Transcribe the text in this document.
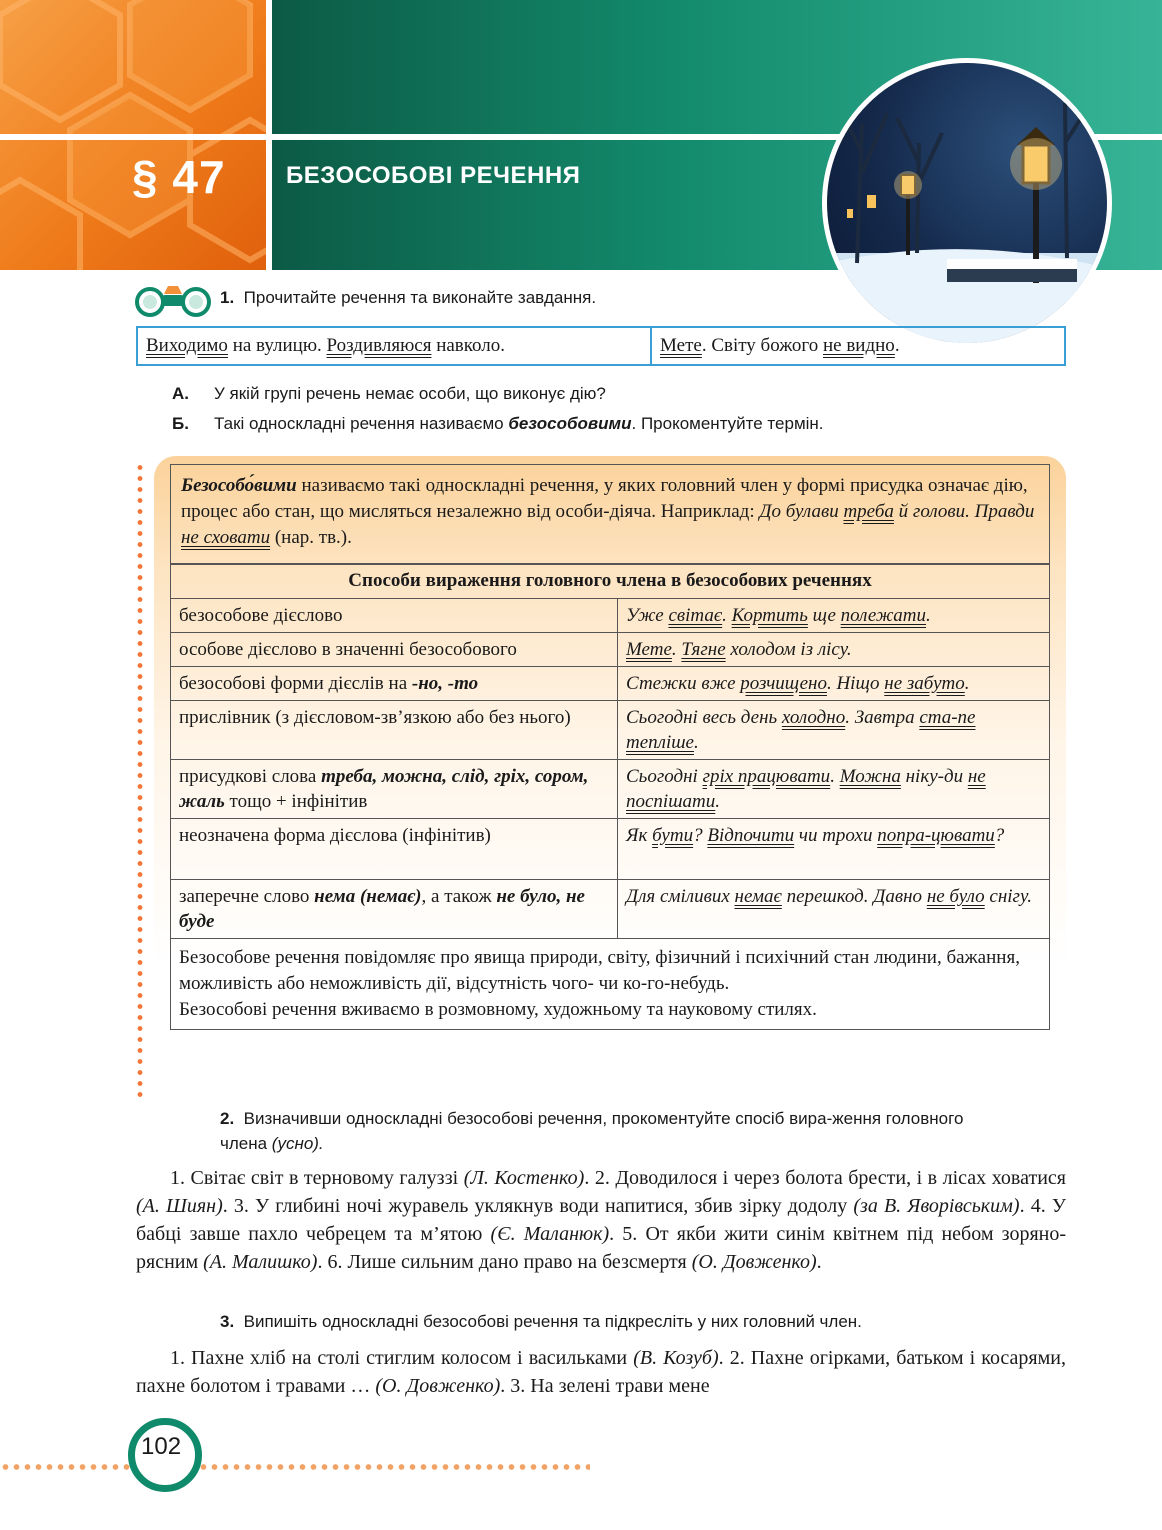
§ 47	БЕЗОСОБОВІ РЕЧЕННЯ
1. Прочитайте речення та виконайте завдання.
Виходимо на вулицю. Роздивляюся навколо.	Мете. Світу божого не видно.
А. У якій групі речень немає особи, що виконує дію?
Б. Такі односкладні речення називаємо безособовими. Прокоментуйте термін.
Безособо́вими називаємо такі односкладні речення, у яких головний член у формі присудка означає дію, процес або стан, що мисляться незалежно від особи-діяча. Наприклад: До булави треба й голови. Правди не сховати (нар. тв.).
Способи вираження головного члена в безособових реченнях	
безособове дієслово	Уже світає. Кортить ще полежати.
особове дієслово в значенні безособового	Мете. Тягне холодом із лісу.
безособові форми дієслів на -но, -то	Стежки вже розчищено. Ніщо не забуто.
прислівник (з дієсловом-зв’язкою або без нього)	Сьогодні весь день холодно. Завтра ста-ne тепліше.
присудкові слова треба, можна, слід, гріх, сором, жаль тощо + інфінітив	Сьогодні гріх працювати. Можна ніку-ди не поспішати.
неозначена форма дієслова (інфінітив)	Як бути? Відпочити чи трохи попра-цювати?
заперечне слово нема (немає), а також не було, не буде	Для сміливих немає перешкод. Давно не було снігу.

Безособове речення повідомляє про явища природи, світу, фізичний і психічний стан людини, бажання, можливість або неможливість дії, відсутність чого- чи ко-го-небудь.
Безособові речення вживаємо в розмовному, художньому та науковому стилях.	
2. Визначивши односкладні безособові речення, прокоментуйте спосіб вира-ження головного члена (усно).
1. Світає світ в терновому галуззі (Л. Костенко). 2. Доводилося і через болота брести, і в лісах ховатися (А. Шиян). 3. У глибині ночі журавель уклякнув води напитися, збив зірку додолу (за В. Яворівським). 4. У бабці завше пахло чебрецем та м’ятою (Є. Маланюк). 5. От якби жити синім квітнем під небом зоряно-рясним (А. Малишко). 6. Лише сильним дано право на безсмертя (О. Довженко).
3. Випишіть односкладні безособові речення та підкресліть у них головний член.
1. Пахне хліб на столі стиглим колосом і васильками (В. Козуб). 2. Пахне огірками, батьком і косарями, пахне болотом і травами … (О. Довженко). 3. На зелені трави мене
102
